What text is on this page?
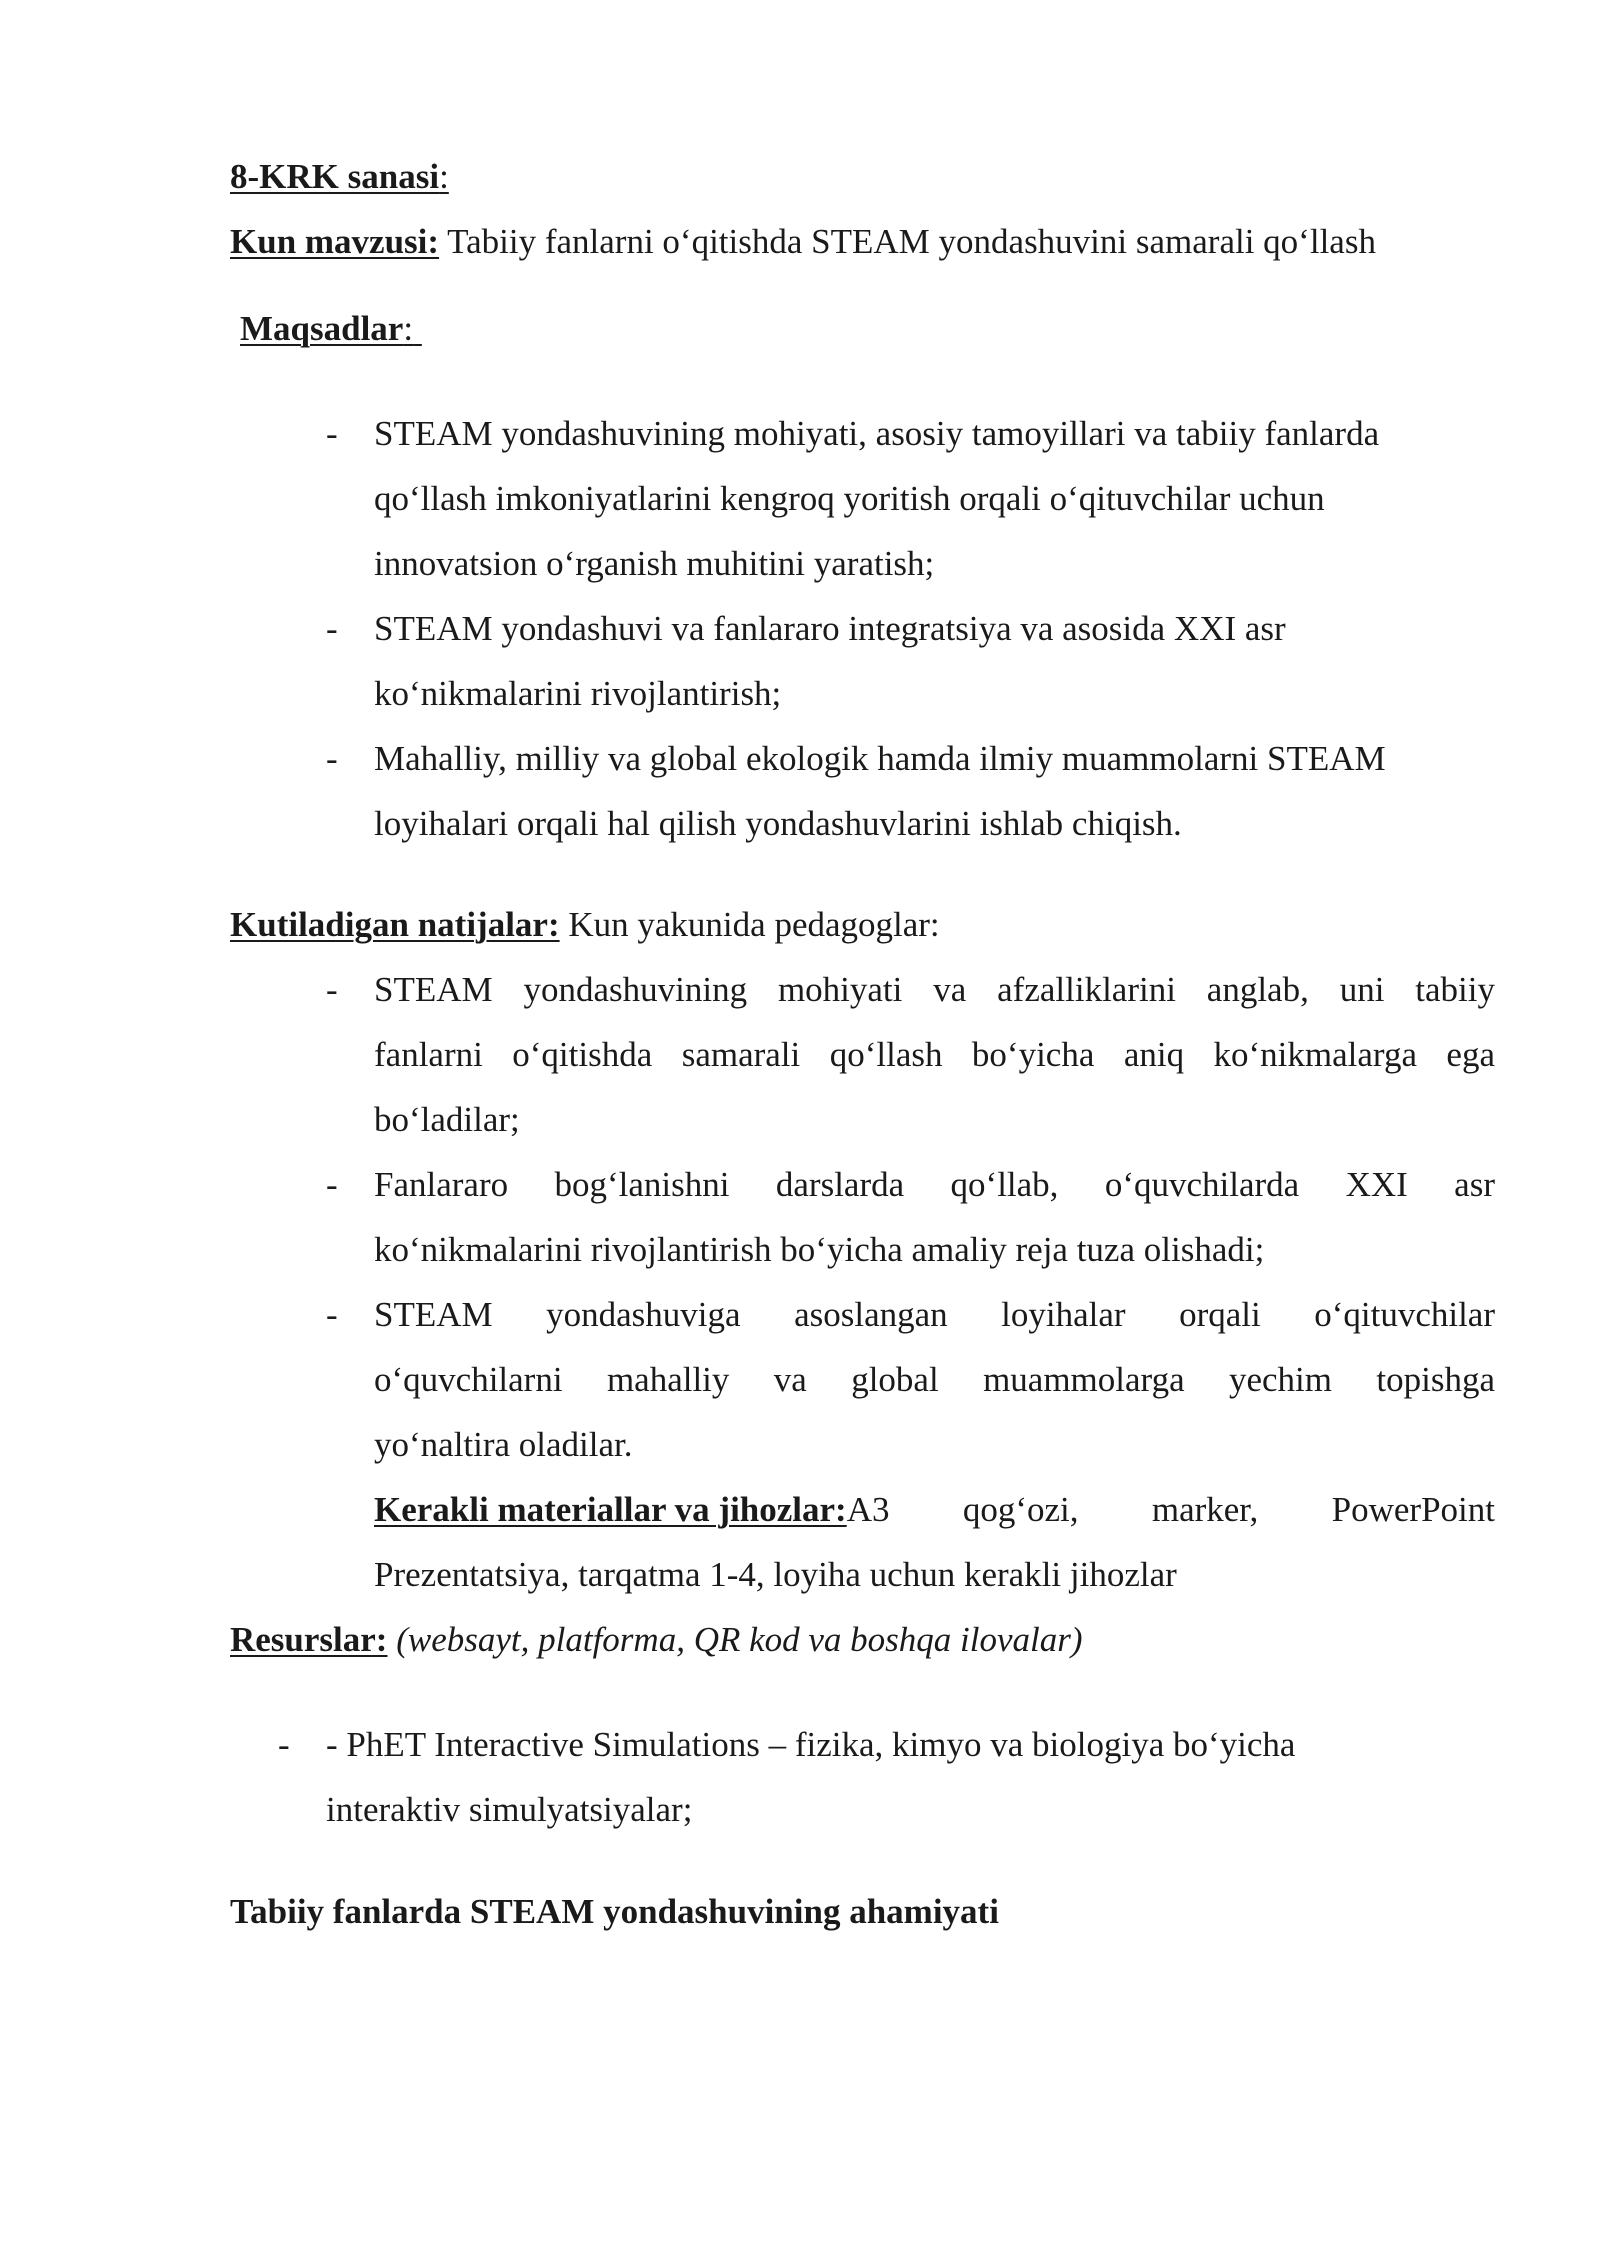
8-KRK sanasi:
Kun mavzusi: Tabiiy fanlarni o‘qitishda STEAM yondashuvini samarali qo‘llash
Maqsadlar:
- STEAM yondashuvining mohiyati, asosiy tamoyillari va tabiiy fanlarda
qo‘llash imkoniyatlarini kengroq yoritish orqali o‘qituvchilar uchun
innovatsion o‘rganish muhitini yaratish;
- STEAM yondashuvi va fanlararo integratsiya va asosida XXI asr
ko‘nikmalarini rivojlantirish;
- Mahalliy, milliy va global ekologik hamda ilmiy muammolarni STEAM
loyihalari orqali hal qilish yondashuvlarini ishlab chiqish.
Kutiladigan natijalar: Kun yakunida pedagoglar:
- STEAM yondashuvining mohiyati va afzalliklarini anglab, uni tabiiy
fanlarni o‘qitishda samarali qo‘llash bo‘yicha aniq ko‘nikmalarga ega
bo‘ladilar;
- Fanlararo bog‘lanishni darslarda qo‘llab, o‘quvchilarda XXI asr
ko‘nikmalarini rivojlantirish bo‘yicha amaliy reja tuza olishadi;
- STEAM yondashuviga asoslangan loyihalar orqali o‘qituvchilar
o‘quvchilarni mahalliy va global muammolarga yechim topishga
yo‘naltira oladilar.
Kerakli materiallar va jihozlar: A3 qog‘ozi, marker, PowerPoint
Prezentatsiya, tarqatma 1-4, loyiha uchun kerakli jihozlar
Resurslar: (websayt, platforma, QR kod va boshqa ilovalar)
- - PhET Interactive Simulations – fizika, kimyo va biologiya bo‘yicha
interaktiv simulyatsiyalar;
Tabiiy fanlarda STEAM yondashuvining ahamiyati
